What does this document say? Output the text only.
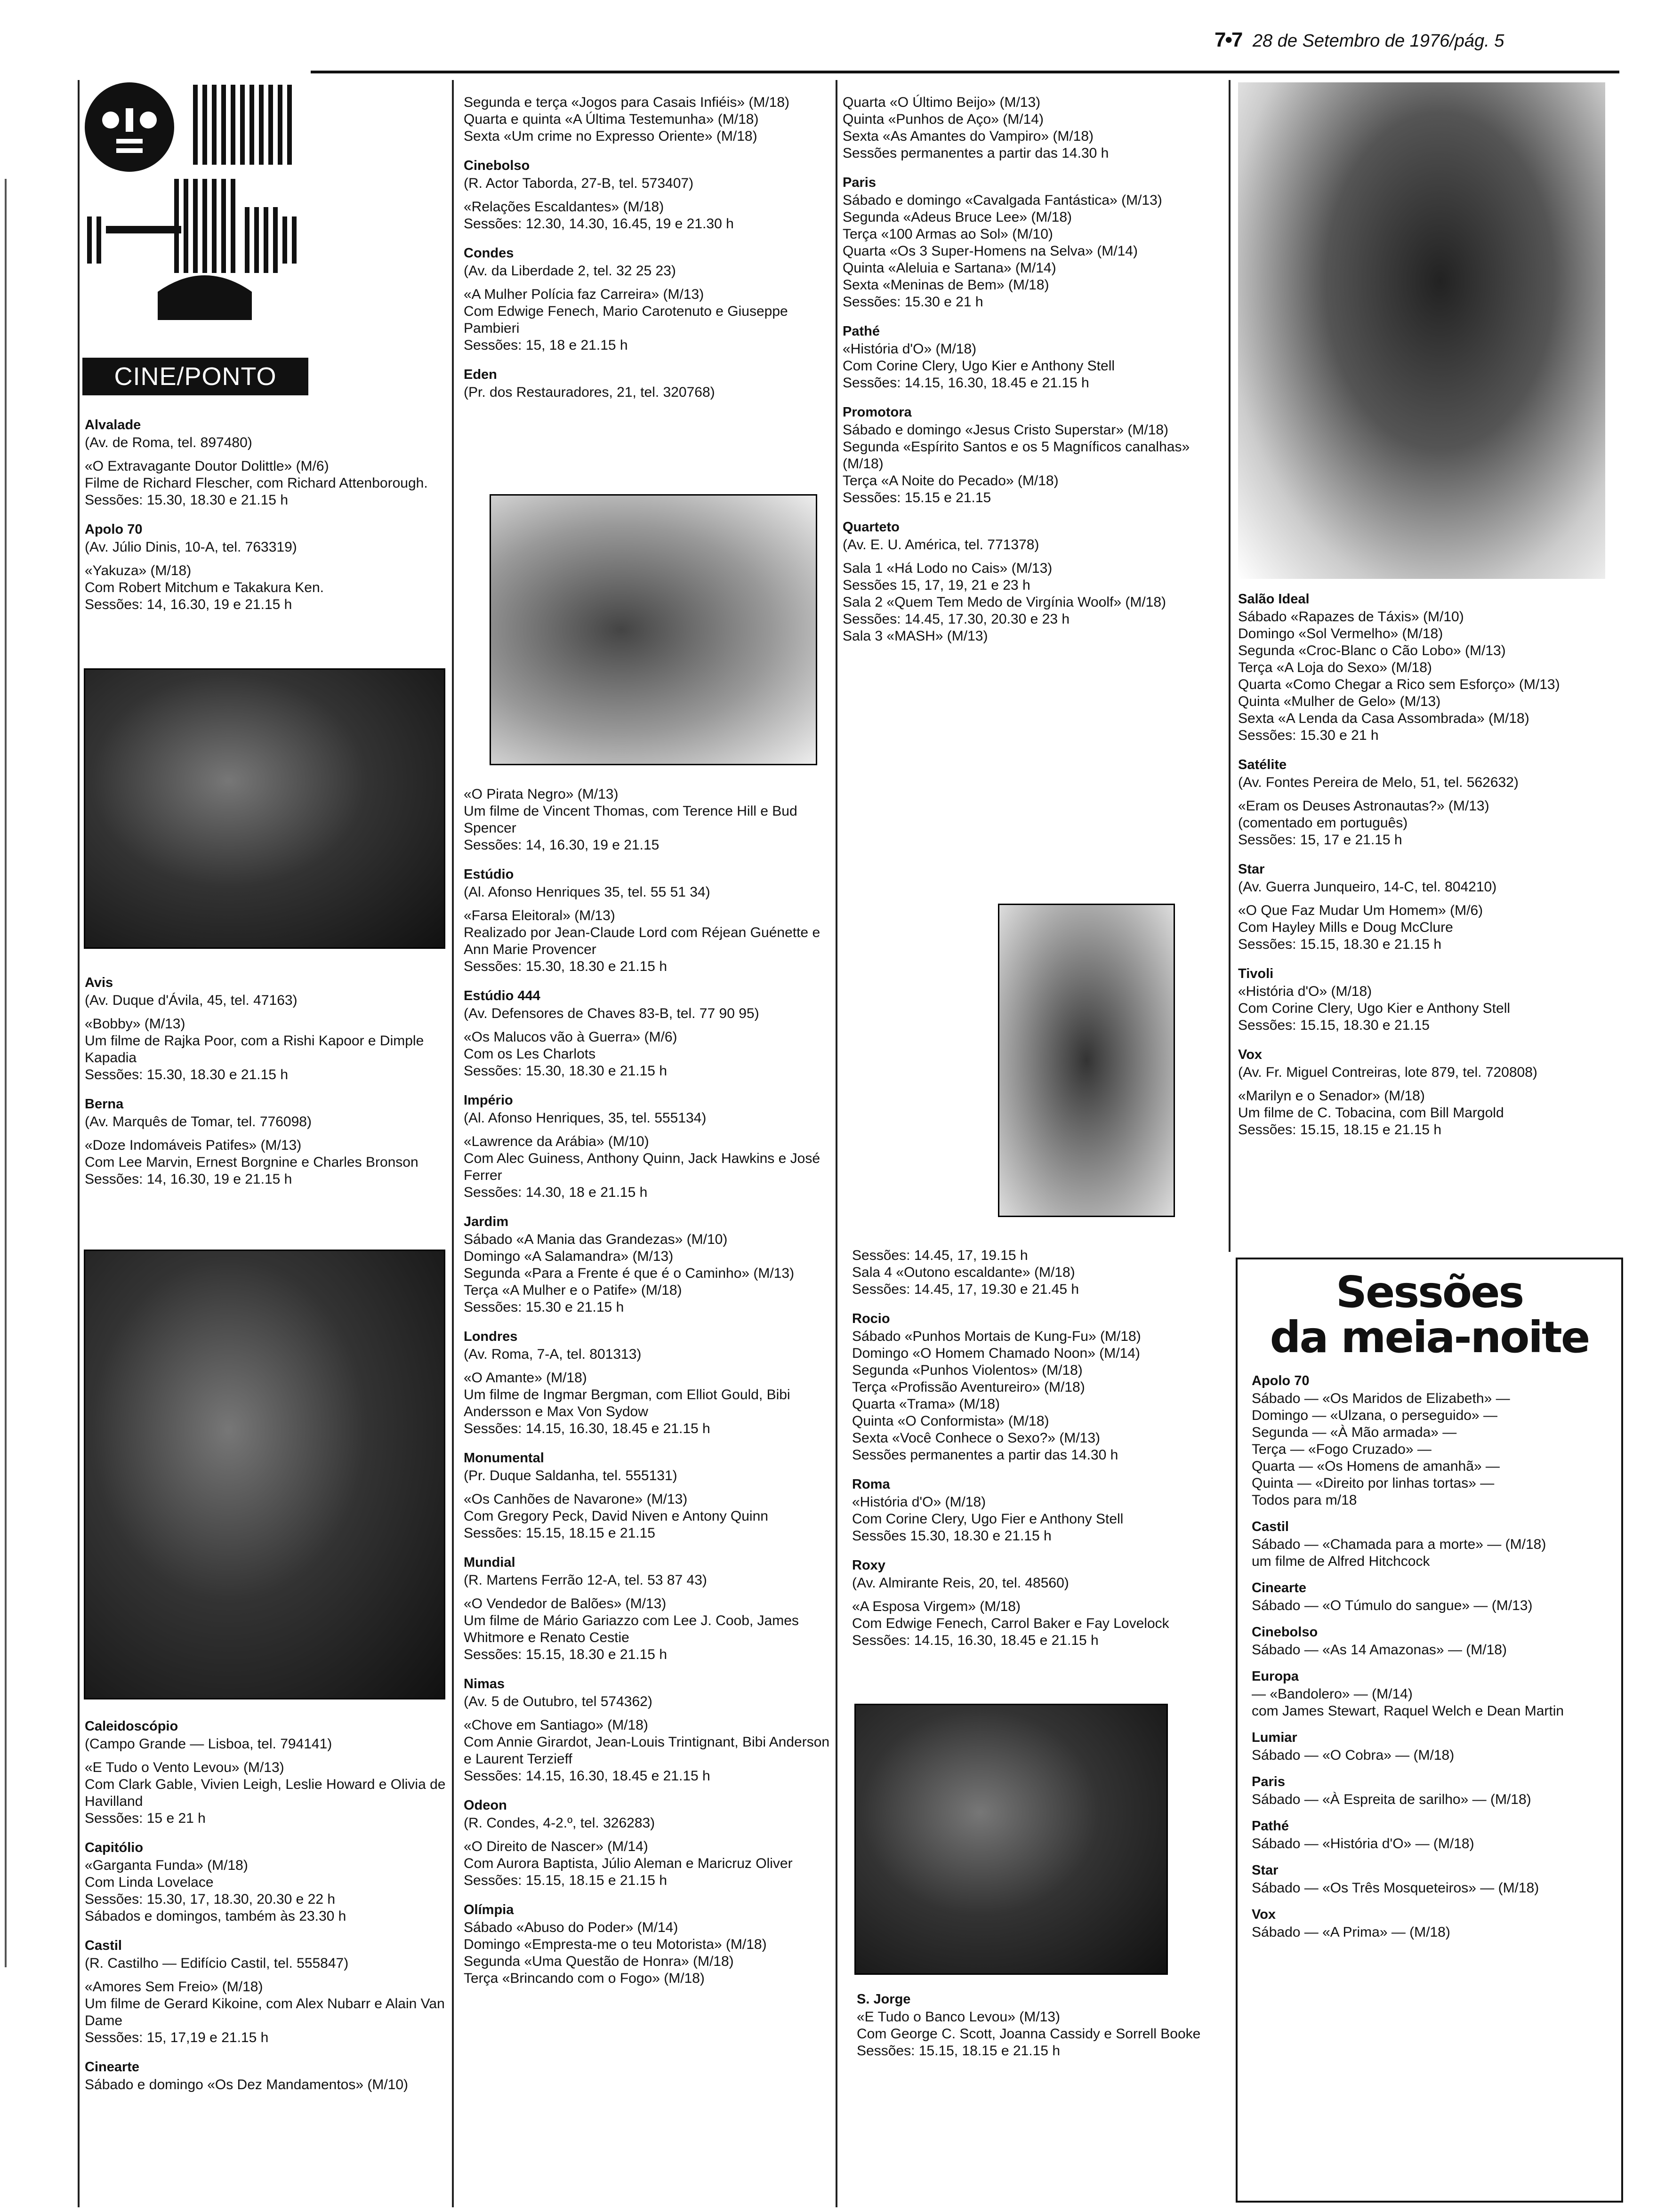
7•7 28 de Setembro de 1976/pág. 5
CINE/PONTO
Alvalade
(Av. de Roma, tel. 897480)
«O Extravagante Doutor Dolittle» (M/6)
Filme de Richard Flescher, com Richard Attenborough.
Sessões: 15.30, 18.30 e 21.15 h
Apolo 70
(Av. Júlio Dinis, 10-A, tel. 763319)
«Yakuza» (M/18)
Com Robert Mitchum e Takakura Ken.
Sessões: 14, 16.30, 19 e 21.15 h
Avis
(Av. Duque d'Ávila, 45, tel. 47163)
«Bobby» (M/13)
Um filme de Rajka Poor, com a Rishi Kapoor e Dimple Kapadia
Sessões: 15.30, 18.30 e 21.15 h
Berna
(Av. Marquês de Tomar, tel. 776098)
«Doze Indomáveis Patifes» (M/13)
Com Lee Marvin, Ernest Borgnine e Charles Bronson
Sessões: 14, 16.30, 19 e 21.15 h
Caleidoscópio
(Campo Grande — Lisboa, tel. 794141)
«E Tudo o Vento Levou» (M/13)
Com Clark Gable, Vivien Leigh, Leslie Howard e Olivia de Havilland
Sessões: 15 e 21 h
Capitólio
«Garganta Funda» (M/18)
Com Linda Lovelace
Sessões: 15.30, 17, 18.30, 20.30 e 22 h
Sábados e domingos, também às 23.30 h
Castil
(R. Castilho — Edifício Castil, tel. 555847)
«Amores Sem Freio» (M/18)
Um filme de Gerard Kikoine, com Alex Nubarr e Alain Van Dame
Sessões: 15, 17,19 e 21.15 h
Cinearte
Sábado e domingo «Os Dez Mandamentos» (M/10)
Segunda e terça «Jogos para Casais Infiéis» (M/18)
Quarta e quinta «A Última Testemunha» (M/18)
Sexta «Um crime no Expresso Oriente» (M/18)
Cinebolso
(R. Actor Taborda, 27-B, tel. 573407)
«Relações Escaldantes» (M/18)
Sessões: 12.30, 14.30, 16.45, 19 e 21.30 h
Condes
(Av. da Liberdade 2, tel. 32 25 23)
«A Mulher Polícia faz Carreira» (M/13)
Com Edwige Fenech, Mario Carotenuto e Giuseppe Pambieri
Sessões: 15, 18 e 21.15 h
Eden
(Pr. dos Restauradores, 21, tel. 320768)
«O Pirata Negro» (M/13)
Um filme de Vincent Thomas, com Terence Hill e Bud Spencer
Sessões: 14, 16.30, 19 e 21.15
Estúdio
(Al. Afonso Henriques 35, tel. 55 51 34)
«Farsa Eleitoral» (M/13)
Realizado por Jean-Claude Lord com Réjean Guénette e Ann Marie Provencer
Sessões: 15.30, 18.30 e 21.15 h
Estúdio 444
(Av. Defensores de Chaves 83-B, tel. 77 90 95)
«Os Malucos vão à Guerra» (M/6)
Com os Les Charlots
Sessões: 15.30, 18.30 e 21.15 h
Império
(Al. Afonso Henriques, 35, tel. 555134)
«Lawrence da Arábia» (M/10)
Com Alec Guiness, Anthony Quinn, Jack Hawkins e José Ferrer
Sessões: 14.30, 18 e 21.15 h
Jardim
Sábado «A Mania das Grandezas» (M/10)
Domingo «A Salamandra» (M/13)
Segunda «Para a Frente é que é o Caminho» (M/13)
Terça «A Mulher e o Patife» (M/18)
Sessões: 15.30 e 21.15 h
Londres
(Av. Roma, 7-A, tel. 801313)
«O Amante» (M/18)
Um filme de Ingmar Bergman, com Elliot Gould, Bibi Andersson e Max Von Sydow
Sessões: 14.15, 16.30, 18.45 e 21.15 h
Monumental
(Pr. Duque Saldanha, tel. 555131)
«Os Canhões de Navarone» (M/13)
Com Gregory Peck, David Niven e Antony Quinn
Sessões: 15.15, 18.15 e 21.15
Mundial
(R. Martens Ferrão 12-A, tel. 53 87 43)
«O Vendedor de Balões» (M/13)
Um filme de Mário Gariazzo com Lee J. Coob, James Whitmore e Renato Cestie
Sessões: 15.15, 18.30 e 21.15 h
Nimas
(Av. 5 de Outubro, tel 574362)
«Chove em Santiago» (M/18)
Com Annie Girardot, Jean-Louis Trintignant, Bibi Anderson e Laurent Terzieff
Sessões: 14.15, 16.30, 18.45 e 21.15 h
Odeon
(R. Condes, 4-2.º, tel. 326283)
«O Direito de Nascer» (M/14)
Com Aurora Baptista, Júlio Aleman e Maricruz Oliver
Sessões: 15.15, 18.15 e 21.15 h
Olímpia
Sábado «Abuso do Poder» (M/14)
Domingo «Empresta-me o teu Motorista» (M/18)
Segunda «Uma Questão de Honra» (M/18)
Terça «Brincando com o Fogo» (M/18)
Quarta «O Último Beijo» (M/13)
Quinta «Punhos de Aço» (M/14)
Sexta «As Amantes do Vampiro» (M/18)
Sessões permanentes a partir das 14.30 h
Paris
Sábado e domingo «Cavalgada Fantástica» (M/13)
Segunda «Adeus Bruce Lee» (M/18)
Terça «100 Armas ao Sol» (M/10)
Quarta «Os 3 Super-Homens na Selva» (M/14)
Quinta «Aleluia e Sartana» (M/14)
Sexta «Meninas de Bem» (M/18)
Sessões: 15.30 e 21 h
Pathé
«História d'O» (M/18)
Com Corine Clery, Ugo Kier e Anthony Stell
Sessões: 14.15, 16.30, 18.45 e 21.15 h
Promotora
Sábado e domingo «Jesus Cristo Superstar» (M/18)
Segunda «Espírito Santos e os 5 Magníficos canalhas» (M/18)
Terça «A Noite do Pecado» (M/18)
Sessões: 15.15 e 21.15
Quarteto
(Av. E. U. América, tel. 771378)
Sala 1 «Há Lodo no Cais» (M/13)
Sessões 15, 17, 19, 21 e 23 h
Sala 2 «Quem Tem Medo de Virgínia Woolf» (M/18)
Sessões: 14.45, 17.30, 20.30 e 23 h
Sala 3 «MASH» (M/13)
Sessões: 14.45, 17, 19.15 h
Sala 4 «Outono escaldante» (M/18)
Sessões: 14.45, 17, 19.30 e 21.45 h
Rocio
Sábado «Punhos Mortais de Kung-Fu» (M/18)
Domingo «O Homem Chamado Noon» (M/14)
Segunda «Punhos Violentos» (M/18)
Terça «Profissão Aventureiro» (M/18)
Quarta «Trama» (M/18)
Quinta «O Conformista» (M/18)
Sexta «Você Conhece o Sexo?» (M/13)
Sessões permanentes a partir das 14.30 h
Roma
«História d'O» (M/18)
Com Corine Clery, Ugo Fier e Anthony Stell
Sessões 15.30, 18.30 e 21.15 h
Roxy
(Av. Almirante Reis, 20, tel. 48560)
«A Esposa Virgem» (M/18)
Com Edwige Fenech, Carrol Baker e Fay Lovelock
Sessões: 14.15, 16.30, 18.45 e 21.15 h
S. Jorge
«E Tudo o Banco Levou» (M/13)
Com George C. Scott, Joanna Cassidy e Sorrell Booke
Sessões: 15.15, 18.15 e 21.15 h
Salão Ideal
Sábado «Rapazes de Táxis» (M/10)
Domingo «Sol Vermelho» (M/18)
Segunda «Croc-Blanc o Cão Lobo» (M/13)
Terça «A Loja do Sexo» (M/18)
Quarta «Como Chegar a Rico sem Esforço» (M/13)
Quinta «Mulher de Gelo» (M/13)
Sexta «A Lenda da Casa Assombrada» (M/18)
Sessões: 15.30 e 21 h
Satélite
(Av. Fontes Pereira de Melo, 51, tel. 562632)
«Eram os Deuses Astronautas?» (M/13)
(comentado em português)
Sessões: 15, 17 e 21.15 h
Star
(Av. Guerra Junqueiro, 14-C, tel. 804210)
«O Que Faz Mudar Um Homem» (M/6)
Com Hayley Mills e Doug McClure
Sessões: 15.15, 18.30 e 21.15 h
Tivoli
«História d'O» (M/18)
Com Corine Clery, Ugo Kier e Anthony Stell
Sessões: 15.15, 18.30 e 21.15
Vox
(Av. Fr. Miguel Contreiras, lote 879, tel. 720808)
«Marilyn e o Senador» (M/18)
Um filme de C. Tobacina, com Bill Margold
Sessões: 15.15, 18.15 e 21.15 h
Sessões
da meia-noite
Apolo 70
Sábado — «Os Maridos de Elizabeth» —
Domingo — «Ulzana, o perseguido» —
Segunda — «À Mão armada» —
Terça — «Fogo Cruzado» —
Quarta — «Os Homens de amanhã» —
Quinta — «Direito por linhas tortas» —
Todos para m/18
Castil
Sábado — «Chamada para a morte» — (M/18)
um filme de Alfred Hitchcock
Cinearte
Sábado — «O Túmulo do sangue» — (M/13)
Cinebolso
Sábado — «As 14 Amazonas» — (M/18)
Europa
— «Bandolero» — (M/14)
com James Stewart, Raquel Welch e Dean Martin
Lumiar
Sábado — «O Cobra» — (M/18)
Paris
Sábado — «À Espreita de sarilho» — (M/18)
Pathé
Sábado — «História d'O» — (M/18)
Star
Sábado — «Os Três Mosqueteiros» — (M/18)
Vox
Sábado — «A Prima» — (M/18)
